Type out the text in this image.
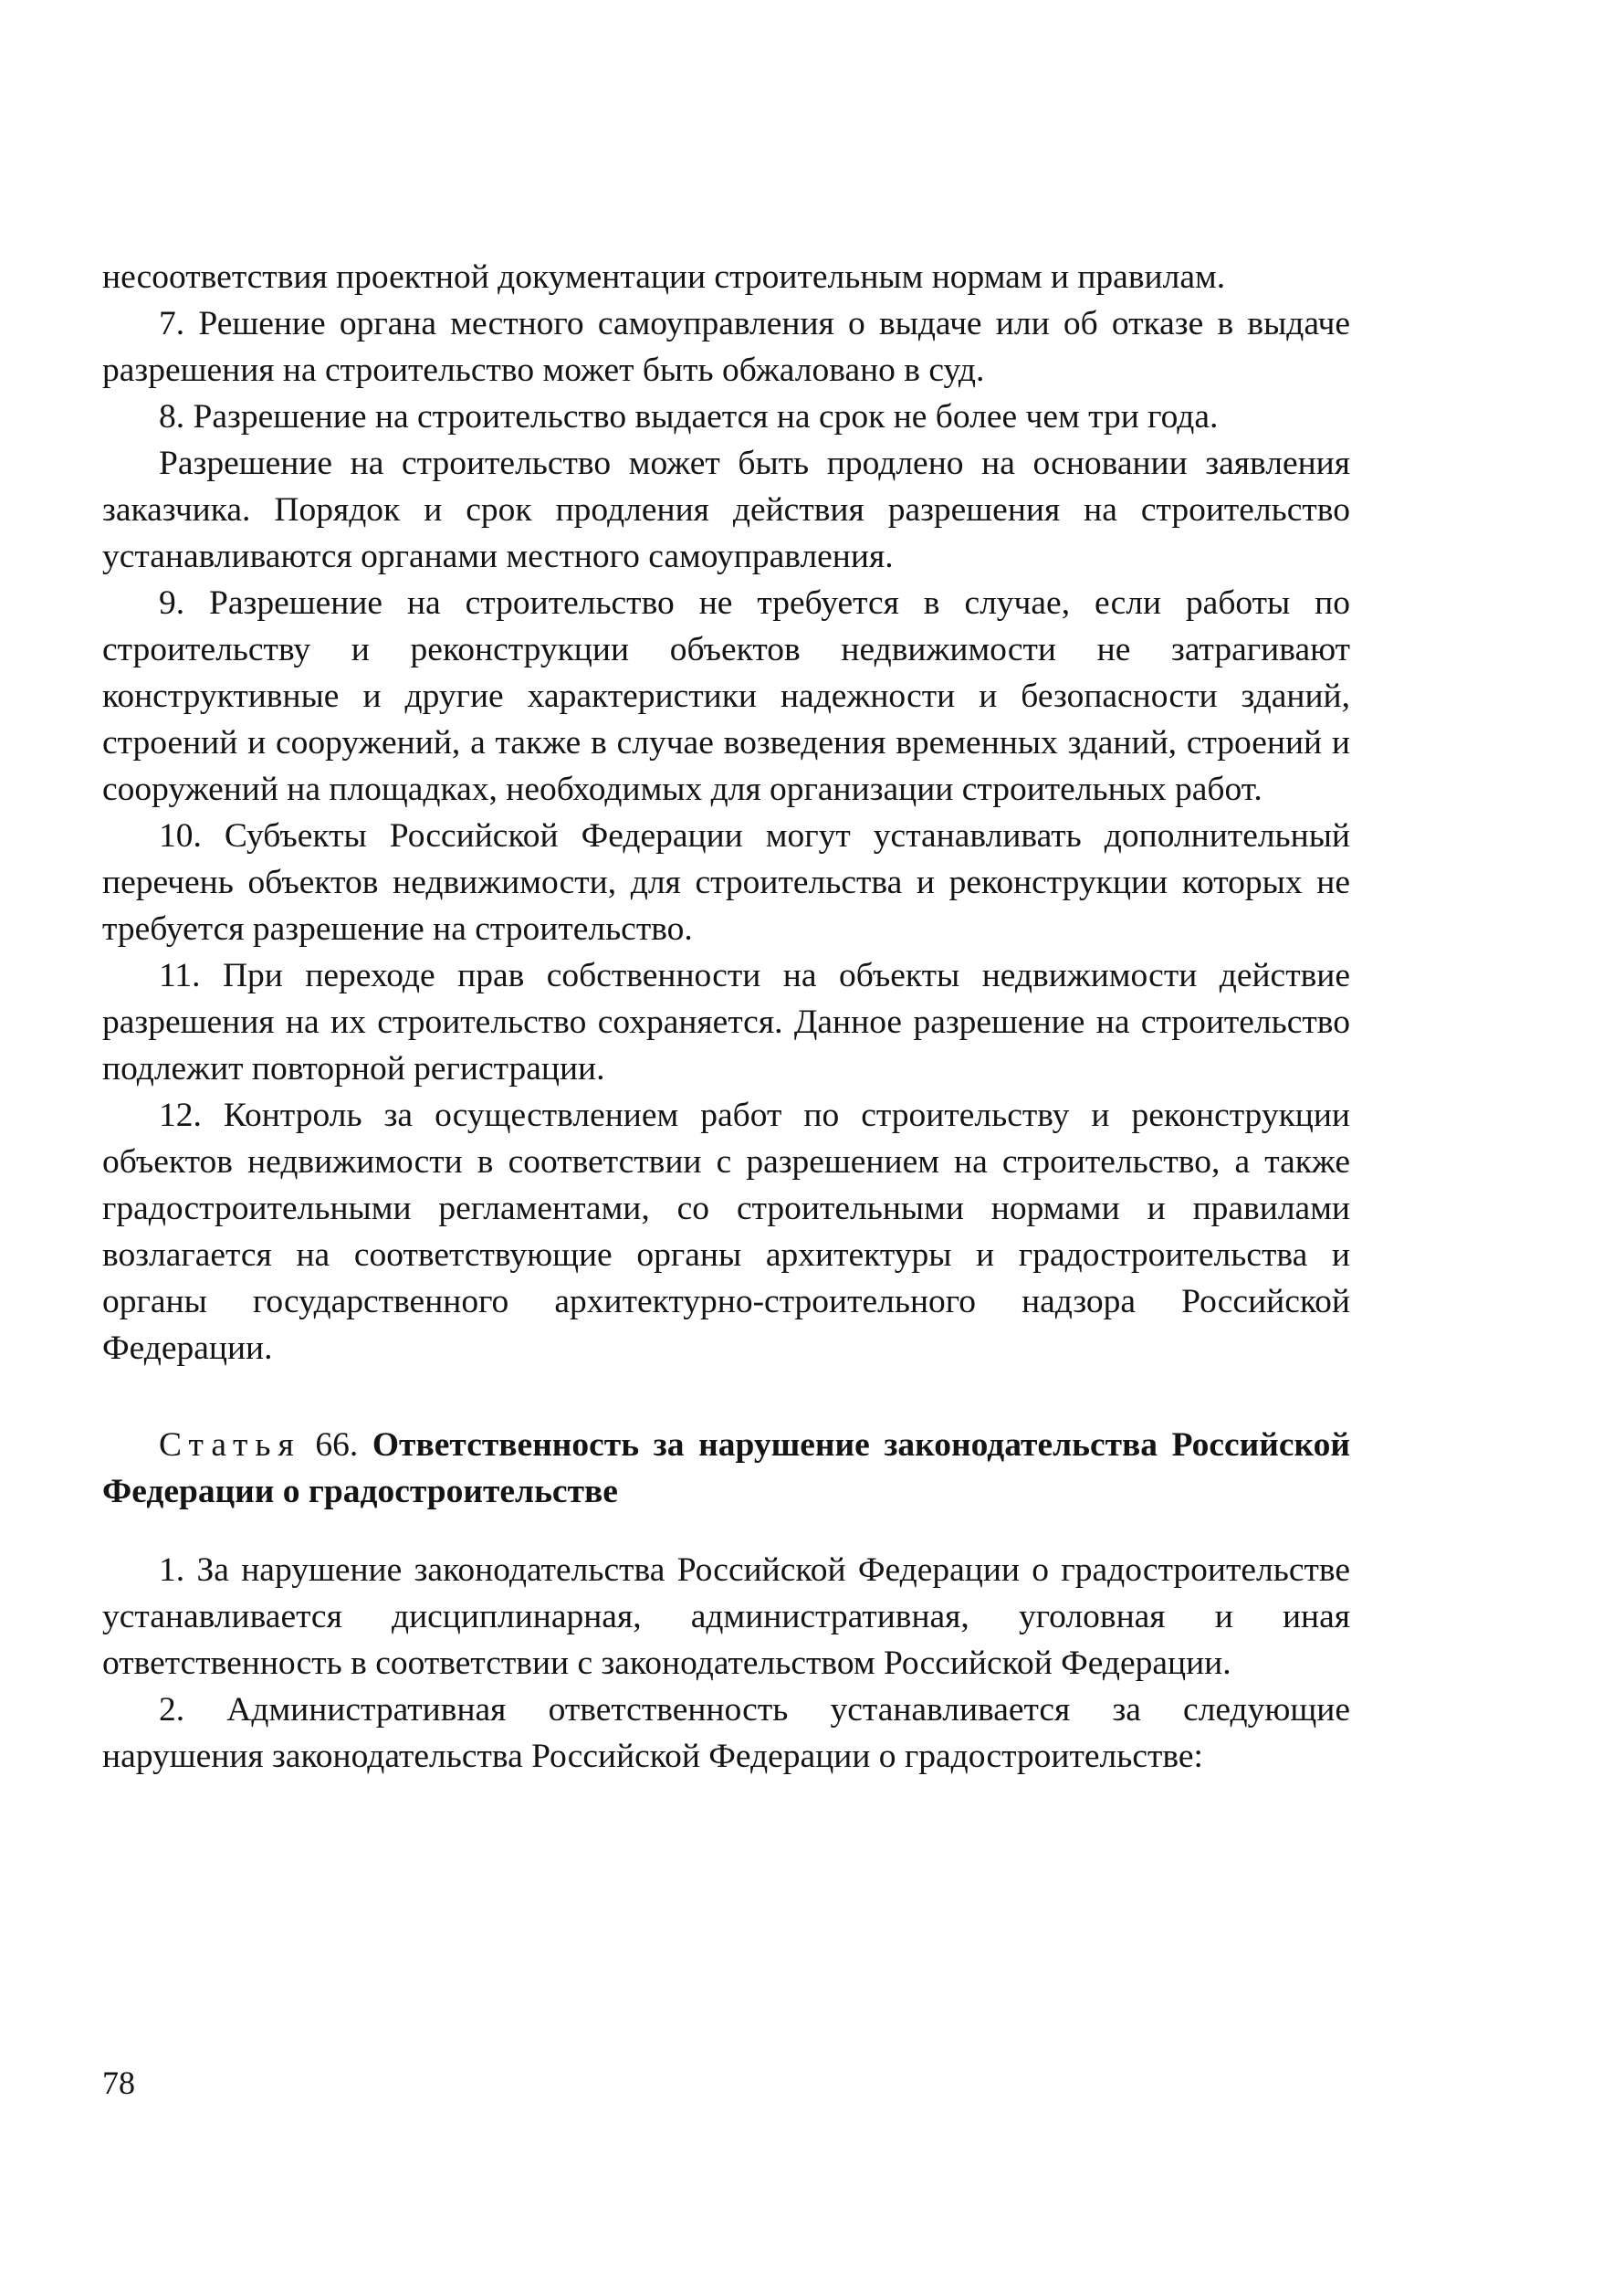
несоответствия проектной документации строительным нормам и правилам.

7. Решение органа местного самоуправления о выдаче или об отказе в выдаче разрешения на строительство может быть обжаловано в суд.

8. Разрешение на строительство выдается на срок не более чем три года.

Разрешение на строительство может быть продлено на основании заявления заказчика. Порядок и срок продления действия разрешения на строительство устанавливаются органами местного самоуправления.

9. Разрешение на строительство не требуется в случае, если работы по строительству и реконструкции объектов недвижимости не затрагивают конструктивные и другие характеристики надежности и безопасности зданий, строений и сооружений, а также в случае возведения временных зданий, строений и сооружений на площадках, необходимых для организации строительных работ.

10. Субъекты Российской Федерации могут устанавливать дополнительный перечень объектов недвижимости, для строительства и реконструкции которых не требуется разрешение на строительство.

11. При переходе прав собственности на объекты недвижимости действие разрешения на их строительство сохраняется. Данное разрешение на строительство подлежит повторной регистрации.

12. Контроль за осуществлением работ по строительству и реконструкции объектов недвижимости в соответствии с разрешением на строительство, а также градостроительными регламентами, со строительными нормами и правилами возлагается на соответствующие органы архитектуры и градостроительства и органы государственного архитектурно-строительного надзора Российской Федерации.

Статья 66. Ответственность за нарушение законодательства Российской Федерации о градостроительстве

1. За нарушение законодательства Российской Федерации о градостроительстве устанавливается дисциплинарная, административная, уголовная и иная ответственность в соответствии с законодательством Российской Федерации.

2. Административная ответственность устанавливается за следующие нарушения законодательства Российской Федерации о градостроительстве:

78
